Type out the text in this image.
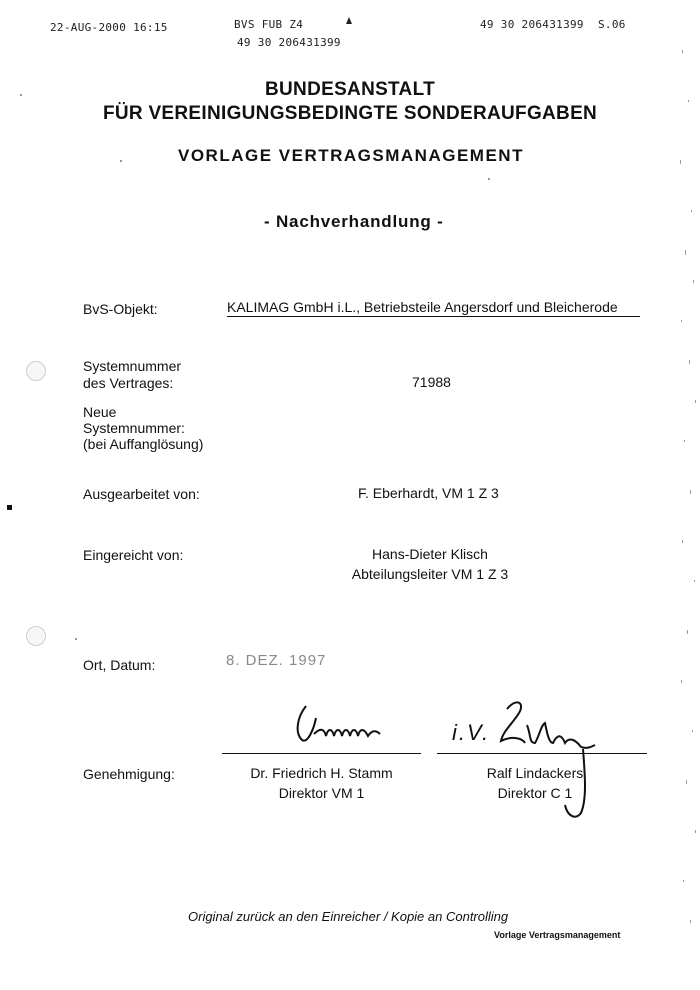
22-AUG-2000 16:15	BVS FUB Z4
49 30 206431399
49 30 206431399 S.06
BUNDESANSTALT
FÜR VEREINIGUNGSBEDINGTE SONDERAUFGABEN
VORLAGE VERTRAGSMANAGEMENT
- Nachverhandlung -
BvS-Objekt:	KALIMAG GmbH i.L., Betriebsteile Angersdorf und Bleicherode
Systemnummer
des Vertrages:	71988
Neue
Systemnummer:
(bei Auffanglösung)
Ausgearbeitet von:	F. Eberhardt, VM 1 Z 3
Eingereicht von:	Hans-Dieter Klisch
Abteilungsleiter VM 1 Z 3
Ort, Datum:	8. DEZ. 1997
i.V.
Genehmigung:	Dr. Friedrich H. Stamm
Direktor VM 1
Ralf Lindackers
Direktor C 1
Original zurück an den Einreicher / Kopie an Controlling
Vorlage Vertragsmanagement
